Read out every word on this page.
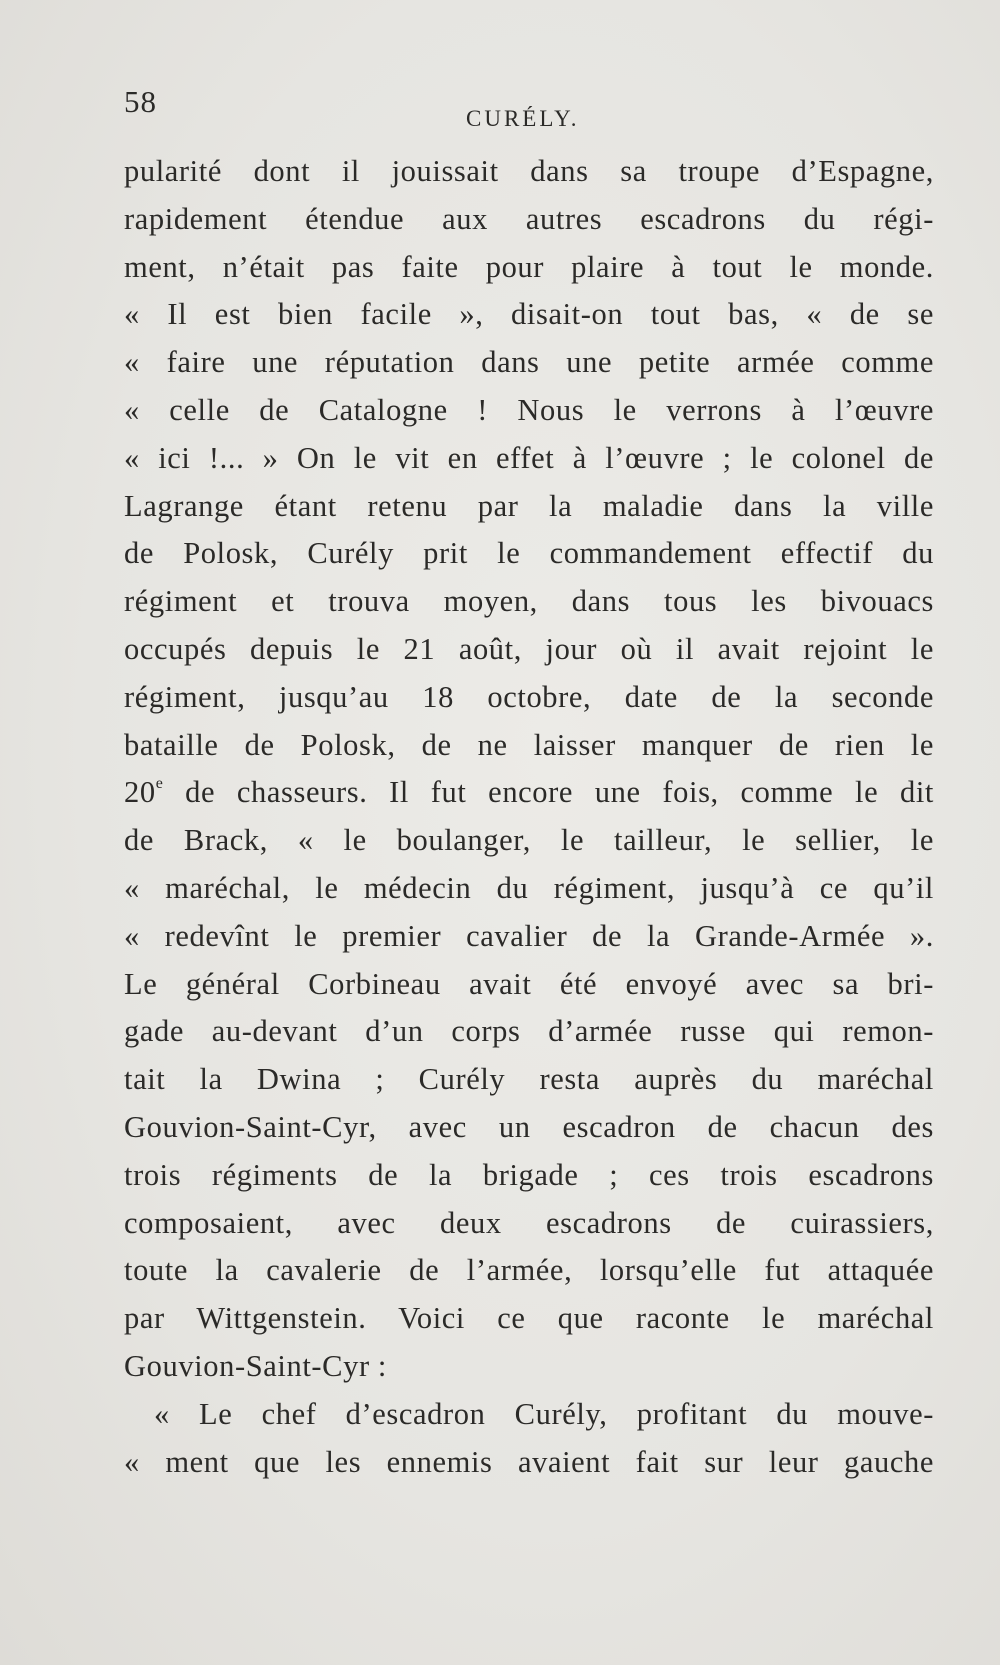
58	CURÉLY.
pularité dont il jouissait dans sa troupe d’Espagne,
rapidement étendue aux autres escadrons du régi-
ment, n’était pas faite pour plaire à tout le monde.
« Il est bien facile », disait-on tout bas, « de se
« faire une réputation dans une petite armée comme
« celle de Catalogne ! Nous le verrons à l’œuvre
« ici !... » On le vit en effet à l’œuvre ; le colonel de
Lagrange étant retenu par la maladie dans la ville
de Polosk, Curély prit le commandement effectif du
régiment et trouva moyen, dans tous les bivouacs
occupés depuis le 21 août, jour où il avait rejoint le
régiment, jusqu’au 18 octobre, date de la seconde
bataille de Polosk, de ne laisser manquer de rien le
20e de chasseurs. Il fut encore une fois, comme le dit
de Brack, « le boulanger, le tailleur, le sellier, le
« maréchal, le médecin du régiment, jusqu’à ce qu’il
« redevînt le premier cavalier de la Grande-Armée ».
Le général Corbineau avait été envoyé avec sa bri-
gade au-devant d’un corps d’armée russe qui remon-
tait la Dwina ; Curély resta auprès du maréchal
Gouvion-Saint-Cyr, avec un escadron de chacun des
trois régiments de la brigade ; ces trois escadrons
composaient, avec deux escadrons de cuirassiers,
toute la cavalerie de l’armée, lorsqu’elle fut attaquée
par Wittgenstein. Voici ce que raconte le maréchal
Gouvion-Saint-Cyr :
« Le chef d’escadron Curély, profitant du mouve-
« ment que les ennemis avaient fait sur leur gauche
